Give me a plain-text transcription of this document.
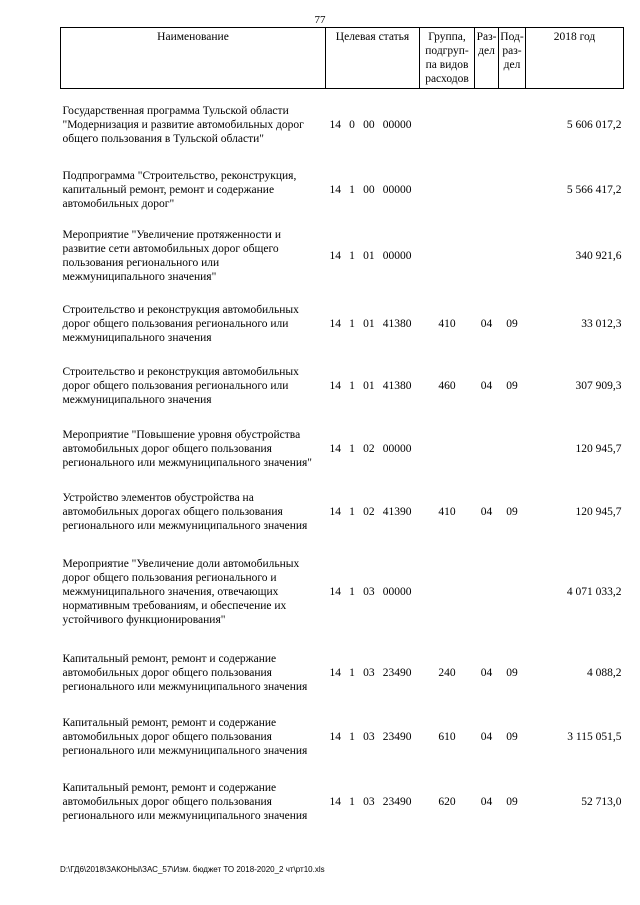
77
Наименование	Целевая статья	Группа, подгруп-па видов расходов	Раз-дел	Под-раз-дел	2018 год
Государственная программа Тульской области "Модернизация и развитие автомобильных дорог общего пользования в Тульской области"	14 0 00 00000				5 606 017,2
Подпрограмма "Строительство, реконструкция, капитальный ремонт, ремонт и содержание автомобильных дорог"	14 1 00 00000				5 566 417,2
Мероприятие "Увеличение протяженности и развитие сети автомобильных дорог общего пользования регионального или межмуниципального значения"	14 1 01 00000				340 921,6
Строительство и реконструкция автомобильных дорог общего пользования регионального или межмуниципального значения	14 1 01 41380	410	04	09	33 012,3
Строительство и реконструкция автомобильных дорог общего пользования регионального или межмуниципального значения	14 1 01 41380	460	04	09	307 909,3
Мероприятие "Повышение уровня обустройства автомобильных дорог общего пользования регионального или межмуниципального значения"	14 1 02 00000				120 945,7
Устройство элементов обустройства на автомобильных дорогах общего пользования регионального или межмуниципального значения	14 1 02 41390	410	04	09	120 945,7
Мероприятие "Увеличение доли автомобильных дорог общего пользования регионального и межмуниципального значения, отвечающих нормативным требованиям, и обеспечение их устойчивого функционирования"	14 1 03 00000				4 071 033,2
Капитальный ремонт, ремонт и содержание автомобильных дорог общего пользования регионального или межмуниципального значения	14 1 03 23490	240	04	09	4 088,2
Капитальный ремонт, ремонт и содержание автомобильных дорог общего пользования регионального или межмуниципального значения	14 1 03 23490	610	04	09	3 115 051,5
Капитальный ремонт, ремонт и содержание автомобильных дорог общего пользования регионального или межмуниципального значения	14 1 03 23490	620	04	09	52 713,0
D:\ГД6\2018\ЗАКОНЫ\ЗАС_57\Изм. бюджет ТО 2018-2020_2 чт\рт10.xls
